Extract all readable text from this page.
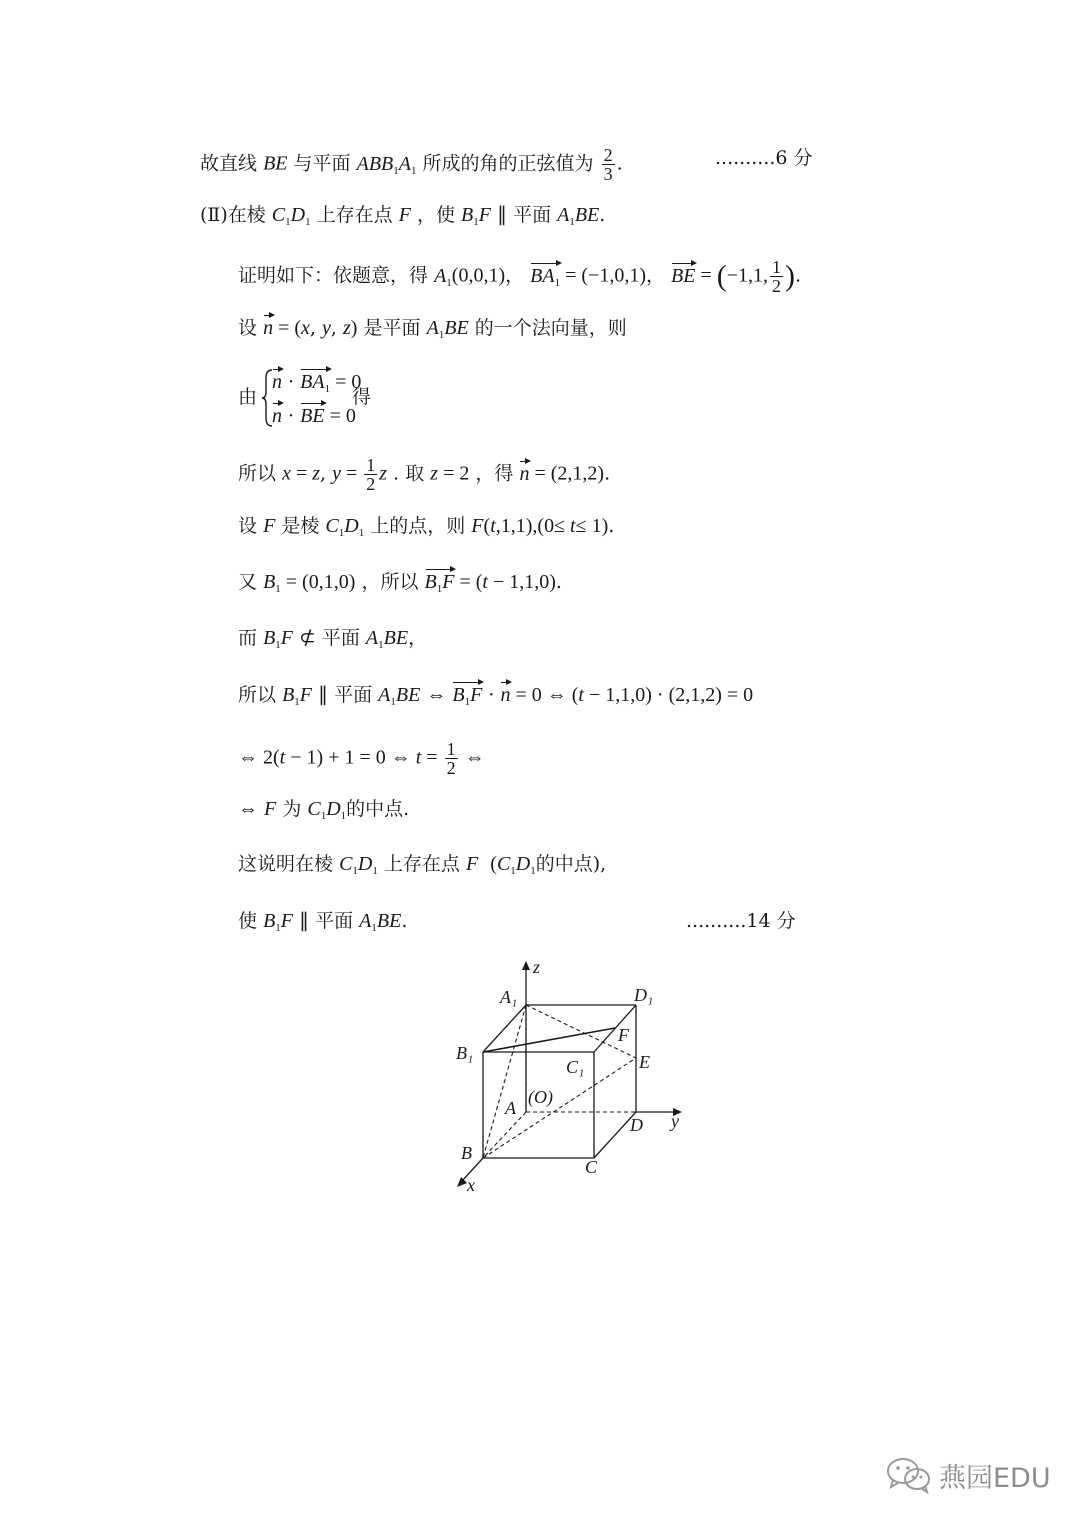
故直线 BE 与平面 $ABB_1A_1$ 所成的角的正弦值为 $\frac{2}{3}$ .	..........6 分
(Ⅱ)在棱 $C_1D_1$ 上存在点 F ，使 $B_1F$ ∥ 平面 $A_1BE$.
证明如下：依题意，得 $A_1(0,0,1)$， $BA_1 = (-1,0,1)$， BE = (−1,1, $\frac{1}{2}$ ).
设 n = (x, y, z) 是平面 $A_1BE$ 的一个法向量，则
由
$n \cdot BA_1 = 0$
n · BE = 0
得
所以 x = z, $y = \frac{1}{2}$ z . 取 z = 2 ，得 n = (2,1,2).
设 F 是棱 $C_1D_1$ 上的点，则 F(t,1,1),(0≤ t≤ 1).
又 $B_1 = (0,1,0)$ ，所以 $B_1F = (t - 1,1,0)$.
而 $B_1F$ ⊄ 平面 $A_1BE$，
所以 $B_1F$ ∥ 平面 $A_1BE$ ⇔ $B_1F \cdot n = 0$ ⇔ (t − 1,1,0) · (2,1,2) = 0
⇔ 2(t − 1) + 1 = 0 ⇔ $t = \frac{1}{2}$ ⇔
⇔ F 为 $C_1D_1$的中点.
这说明在棱 $C_1D_1$ 上存在点 F ($C_1D_1$的中点),
使 $B_1F$ ∥ 平面 $A_1BE$.	..........14 分
A₁	D₁
B₁
C₁
F
E
A
(O)
D
B
C
x
y
z
燕园EDU
